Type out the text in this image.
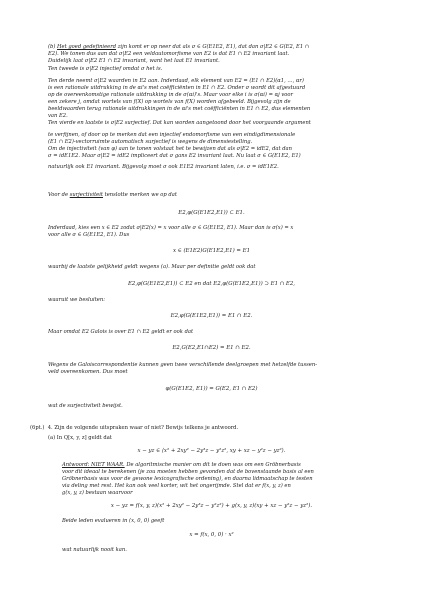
(b) Het goed gedefinieerd zijn komt er op neer dat als σ ∈ G(E1E2, E1), dat dan σ|E2 ∈ G(E2, E1 ∩
E2). We tonen dus aan dat σ|E2 een veldautomorfisme van E2 is dat E1 ∩ E2 invariant laat.
Duidelijk laat σ|E2 E1 ∩ E2 invariant, want het laat E1 invariant.
Ten tweede is σ|E2 injectief omdat σ het is.
Ten derde neemt σ|E2 waarden in E2 aan. Inderdaad, elk element van E2 = (E1 ∩ E2)(α1, …, αr)
is een rationale uitdrukking in de αi's met coëfficiënten in E1 ∩ E2. Onder σ wordt dit afgestuurd
op de overeenkomstige rationale uitdrukking in de σ(αi)'s. Maar voor elke i is σ(αi) = αj voor
een zekere j, omdat wortels van f(X) op wortels van f(X) worden afgebeeld. Bijgevolg zijn de
beeldwaarden terug rationale uitdrukkingen in de αi's met coëfficiënten in E1 ∩ E2, dus elementen
van E2.
Ten vierde en laatste is σ|E2 surjectief. Dat kan worden aangetoond door het voorgaande argument
te verfijnen, of door op te merken dat een injectief endomorfisme van een eindigdimensionale
(E1 ∩ E2)-vectorruimte automatisch surjectief is wegens de dimensiestelling.
Om de injectiviteit (van φ) aan te tonen volstaat het te bewijzen dat als σ|E2 = idE2, dat dan
σ = idE1E2. Maar σ|E2 = idE2 impliceert dat σ gans E2 invariant laat. Nu laat σ ∈ G(E1E2, E1)
natuurlijk ook E1 invariant. Bijgevolg moet σ ook E1E2 invariant laten, i.e. σ = idE1E2.
Voor de surjectiviteit tenslotte merken we op dat
E2,φ(G(E1E2,E1)) ⊂ E1.
Inderdaad, kies een x ∈ E2 zodat σ|E2(x) = x voor alle σ ∈ G(E1E2, E1). Maar dan is σ(x) = x
voor alle σ ∈ G(E1E2, E1). Dus
x ∈ (E1E2)G(E1E2,E1) = E1
waarbij de laatste gelijkheid geldt wegens (a). Maar per definitie geldt ook dat
E2,φ(G(E1E2,E1)) ⊂ E2 en dat E2,φ(G(E1E2,E1)) ⊃ E1 ∩ E2,
waaruit we besluiten:
E2,φ(G(E1E2,E1)) = E1 ∩ E2.
Maar omdat E2 Galois is over E1 ∩ E2 geldt er ook dat
E2,G(E2,E1∩E2) = E1 ∩ E2.
Wegens de Galoiscorrespondentie kunnen geen twee verschillende deelgroepen met hetzelfde tussen-
veld overeenkomen. Dus moet
φ(G(E1E2, E1)) = G(E2, E1 ∩ E2)
wat de surjectiviteit bewijst.
(6pt.) 4. Zijn de volgende uitspraken waar of niet? Bewijs telkens je antwoord.
(a) In Q[x, y, z] geldt dat
x − yz ∈ ⟨x² + 2xy² − 2y³z − y²z², xy + xz − y²z − yz²⟩.
Antwoord: NIET WAAR. De algoritmische manier om dit te doen was om een Gröbnerbasis
voor dit ideaal te berekenen (je zou moeten hebben gevonden dat de bovenstaande basis al een
Gröbnerbasis was voor de gewone lexicografische ordening), en daarna lidmaatschap te testen
via deling met rest. Het kan ook veel korter, wit het ongerijmde. Stel dat er f(x, y, z) en
g(x, y, z) bestaan waarvoor
x − yz = f(x, y, z)(x² + 2xy² − 2y³z − y²z²) + g(x, y, z)(xy + xz − y²z − yz²).
Beide leden evalueren in (x, 0, 0) geeft
x = f(x, 0, 0) · x²
wat natuurlijk nooit kan.
